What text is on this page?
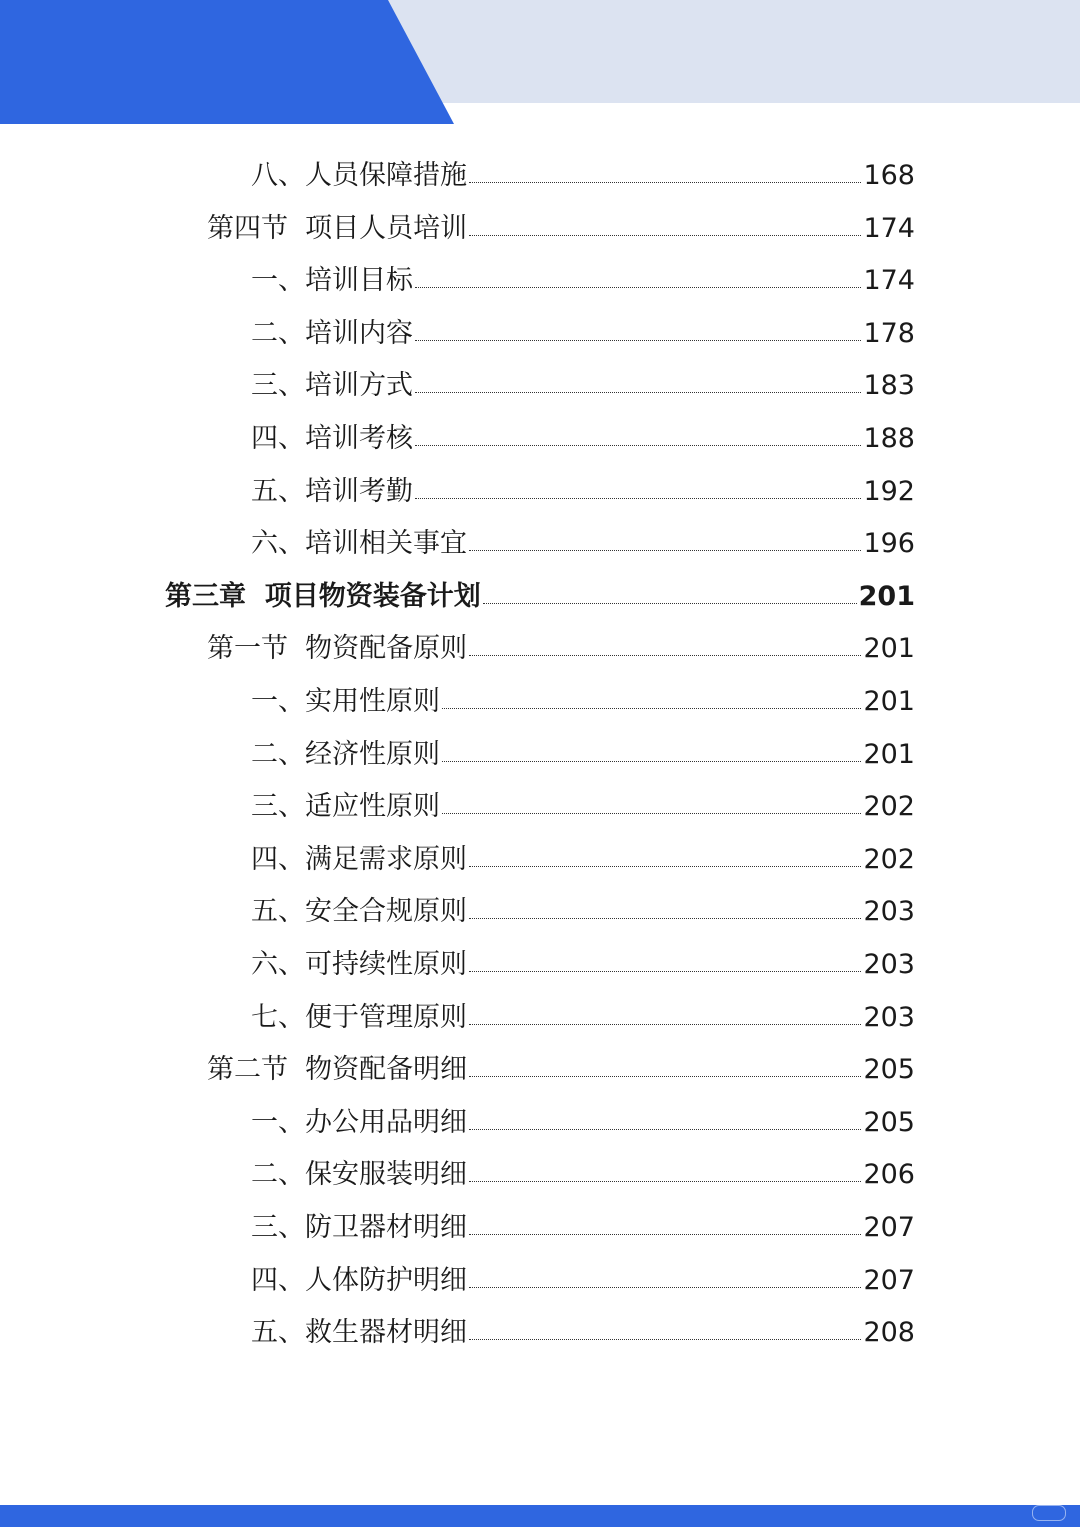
八、人员保障措施	168
第四节  项目人员培训	174
一、培训目标	174
二、培训内容	178
三、培训方式	183
四、培训考核	188
五、培训考勤	192
六、培训相关事宜	196
第三章  项目物资装备计划	201
第一节  物资配备原则	201
一、实用性原则	201
二、经济性原则	201
三、适应性原则	202
四、满足需求原则	202
五、安全合规原则	203
六、可持续性原则	203
七、便于管理原则	203
第二节  物资配备明细	205
一、办公用品明细	205
二、保安服装明细	206
三、防卫器材明细	207
四、人体防护明细	207
五、救生器材明细	208
